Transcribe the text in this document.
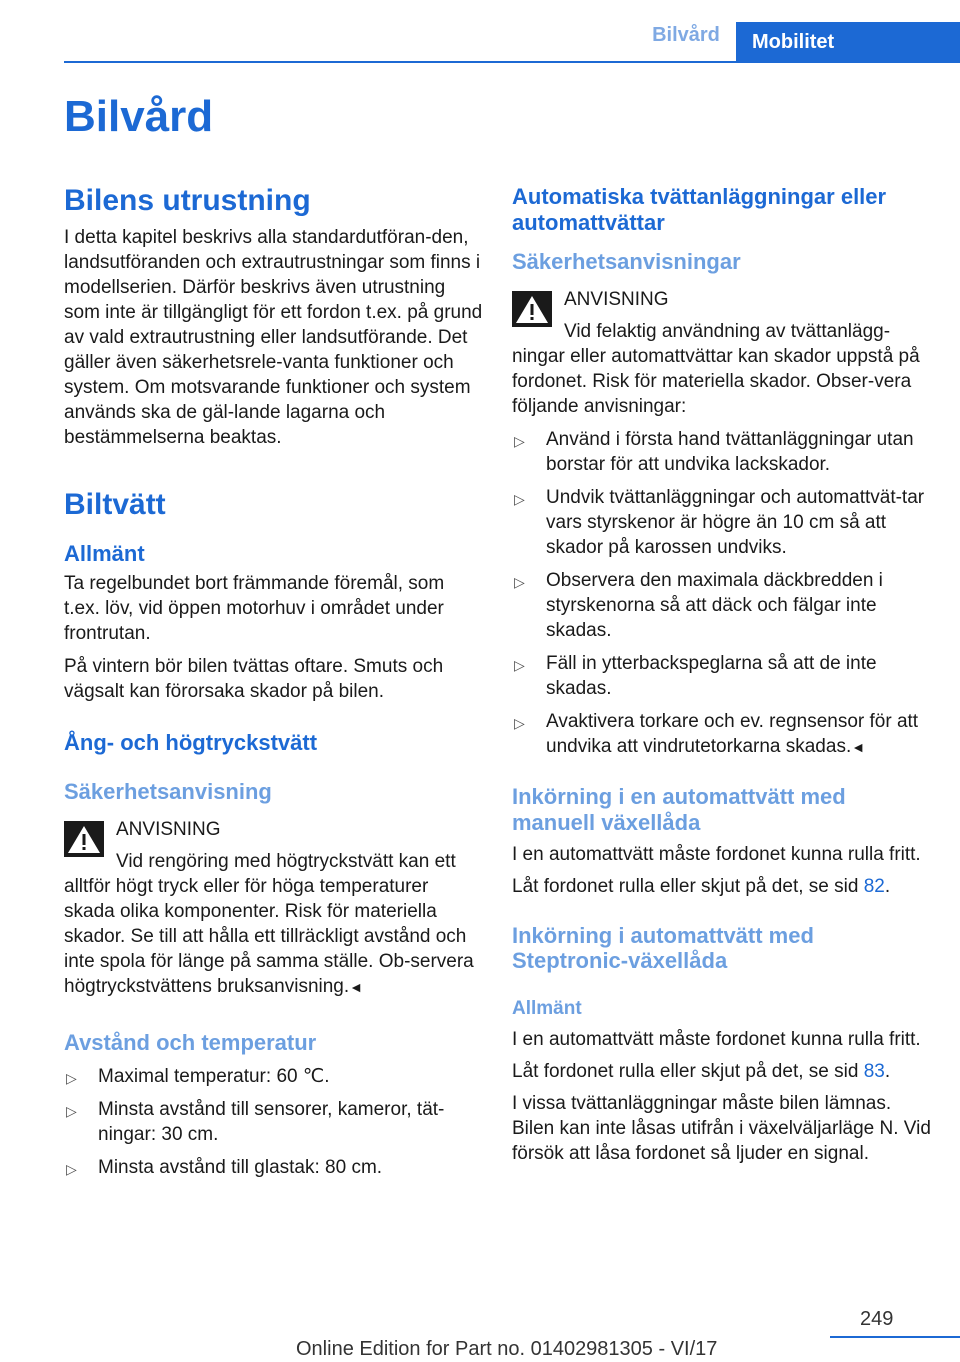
Bilvård	Mobilitet
Bilvård
Bilens utrustning

I detta kapitel beskrivs alla standardutföran-den, landsutföranden och extrautrustningar som finns i modellserien. Därför beskrivs även utrustning som inte är tillgängligt för ett fordon t.ex. på grund av vald extrautrustning eller landsutförande. Det gäller även säkerhetsrele-vanta funktioner och system. Om motsvarande funktioner och system används ska de gäl-lande lagarna och bestämmelserna beaktas.

Biltvätt
Allmänt

Ta regelbundet bort främmande föremål, som t.ex. löv, vid öppen motorhuv i området under frontrutan.

På vintern bör bilen tvättas oftare. Smuts och vägsalt kan förorsaka skador på bilen.

Ång- och högtryckstvätt
Säkerhetsanvisning
ANVISNING

Vid rengöring med högtryckstvätt kan ett alltför högt tryck eller för höga temperaturer skada olika komponenter. Risk för materiella skador. Se till att hålla ett tillräckligt avstånd och inte spola för länge på samma ställe. Ob-servera högtryckstvättens bruksanvisning.◄

Avstånd och temperatur
▷ Maximal temperatur: 60 ℃.
▷ Minsta avstånd till sensorer, kameror, tät-ningar: 30 cm.
▷ Minsta avstånd till glastak: 80 cm.
Automatiska tvättanläggningar eller automattvättar
Säkerhetsanvisningar
ANVISNING

Vid felaktig användning av tvättanlägg-ningar eller automattvättar kan skador uppstå på fordonet. Risk för materiella skador. Obser-vera följande anvisningar:

▷ Använd i första hand tvättanläggningar utan borstar för att undvika lackskador.
▷ Undvik tvättanläggningar och automattvät-tar vars styrskenor är högre än 10 cm så att skador på karossen undviks.
▷ Observera den maximala däckbredden i styrskenorna så att däck och fälgar inte skadas.
▷ Fäll in ytterbackspeglarna så att de inte skadas.
▷ Avaktivera torkare och ev. regnsensor för att undvika att vindrutetorkarna skadas.◄
Inkörning i en automattvätt med manuell växellåda

I en automattvätt måste fordonet kunna rulla fritt.

Låt fordonet rulla eller skjut på det, se sid 82.

Inkörning i automattvätt med Steptronic-växellåda
Allmänt

I en automattvätt måste fordonet kunna rulla fritt.

Låt fordonet rulla eller skjut på det, se sid 83.

I vissa tvättanläggningar måste bilen lämnas. Bilen kan inte låsas utifrån i växelväljarläge N. Vid försök att låsa fordonet så ljuder en signal.

249
Online Edition for Part no. 01402981305 - VI/17
